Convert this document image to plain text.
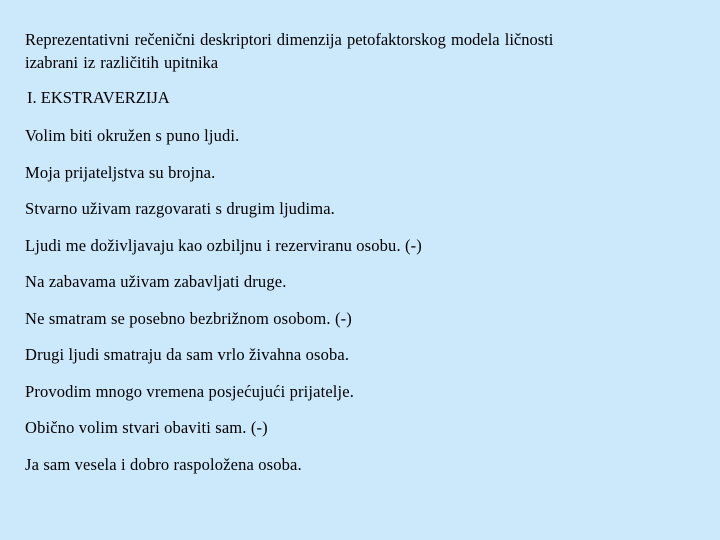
Reprezentativni rečenični deskriptori dimenzija petofaktorskog modela ličnosti
izabrani iz različitih upitnika

I. EKSTRAVERZIJA
Volim biti okružen s puno ljudi.
Moja prijateljstva su brojna.
Stvarno uživam razgovarati s drugim ljudima.
Ljudi me doživljavaju kao ozbiljnu i rezerviranu osobu. (-)
Na zabavama uživam zabavljati druge.
Ne smatram se posebno bezbrižnom osobom. (-)
Drugi ljudi smatraju da sam vrlo živahna osoba.
Provodim mnogo vremena posjećujući prijatelje.
Obično volim stvari obaviti sam. (-)
Ja sam vesela i dobro raspoložena osoba.
